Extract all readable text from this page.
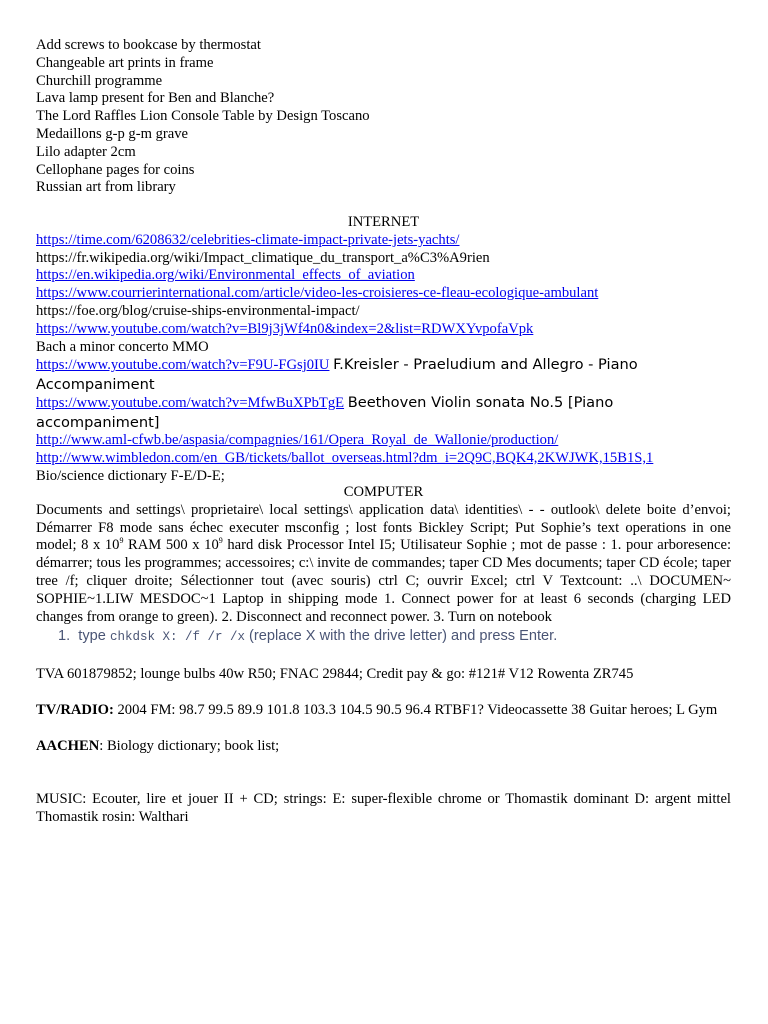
Add screws to bookcase by thermostat
Changeable art prints in frame
Churchill programme
Lava lamp present for Ben and Blanche?
The Lord Raffles Lion Console Table by Design Toscano
Medaillons g-p g-m grave
Lilo adapter 2cm
Cellophane pages for coins
Russian art from library
INTERNET
https://time.com/6208632/celebrities-climate-impact-private-jets-yachts/
https://fr.wikipedia.org/wiki/Impact_climatique_du_transport_a%C3%A9rien
https://en.wikipedia.org/wiki/Environmental_effects_of_aviation
https://www.courrierinternational.com/article/video-les-croisieres-ce-fleau-ecologique-ambulant
https://foe.org/blog/cruise-ships-environmental-impact/
https://www.youtube.com/watch?v=Bl9j3jWf4n0&index=2&list=RDWXYvpofaVpk
Bach a minor concerto MMO
https://www.youtube.com/watch?v=F9U-FGsj0IU F.Kreisler - Praeludium and Allegro - Piano
Accompaniment
https://www.youtube.com/watch?v=MfwBuXPbTgE Beethoven Violin sonata No.5 [Piano
accompaniment]
http://www.aml-cfwb.be/aspasia/compagnies/161/Opera_Royal_de_Wallonie/production/
http://www.wimbledon.com/en_GB/tickets/ballot_overseas.html?dm_i=2Q9C,BQK4,2KWJWK,15B1S,1
Bio/science dictionary F-E/D-E;
COMPUTER
Documents and settings\ proprietaire\ local settings\ application data\ identities\ - - outlook\ delete boite d’envoi; Démarrer F8 mode sans échec executer msconfig ; lost fonts Bickley Script; Put Sophie’s text operations in one model; 8 x $10^9$ RAM 500 x $10^9$ hard disk Processor Intel I5; Utilisateur Sophie ; mot de passe : 1. pour arboresence: démarrer; tous les programmes; accessoires; c:\ invite de commandes; taper CD Mes documents; taper CD école; taper tree /f; cliquer droite; Sélectionner tout (avec souris) ctrl C; ouvrir Excel; ctrl V Textcount: ..\ DOCUMEN~ SOPHIE~1.LIW MESDOC~1 Laptop in shipping mode 1. Connect power for at least 6 seconds (charging LED changes from orange to green). 2. Disconnect and reconnect power. 3. Turn on notebook
1. type chkdsk X: /f /r /x (replace X with the drive letter) and press Enter.
TVA 601879852; lounge bulbs 40w R50; FNAC 29844; Credit pay & go: #121# V12 Rowenta ZR745
TV/RADIO: 2004 FM: 98.7 99.5 89.9 101.8 103.3 104.5 90.5 96.4 RTBF1? Videocassette 38 Guitar heroes; L Gym
AACHEN: Biology dictionary; book list;
MUSIC: Ecouter, lire et jouer II + CD; strings: E: super-flexible chrome or Thomastik dominant D: argent mittel Thomastik rosin: Walthari
